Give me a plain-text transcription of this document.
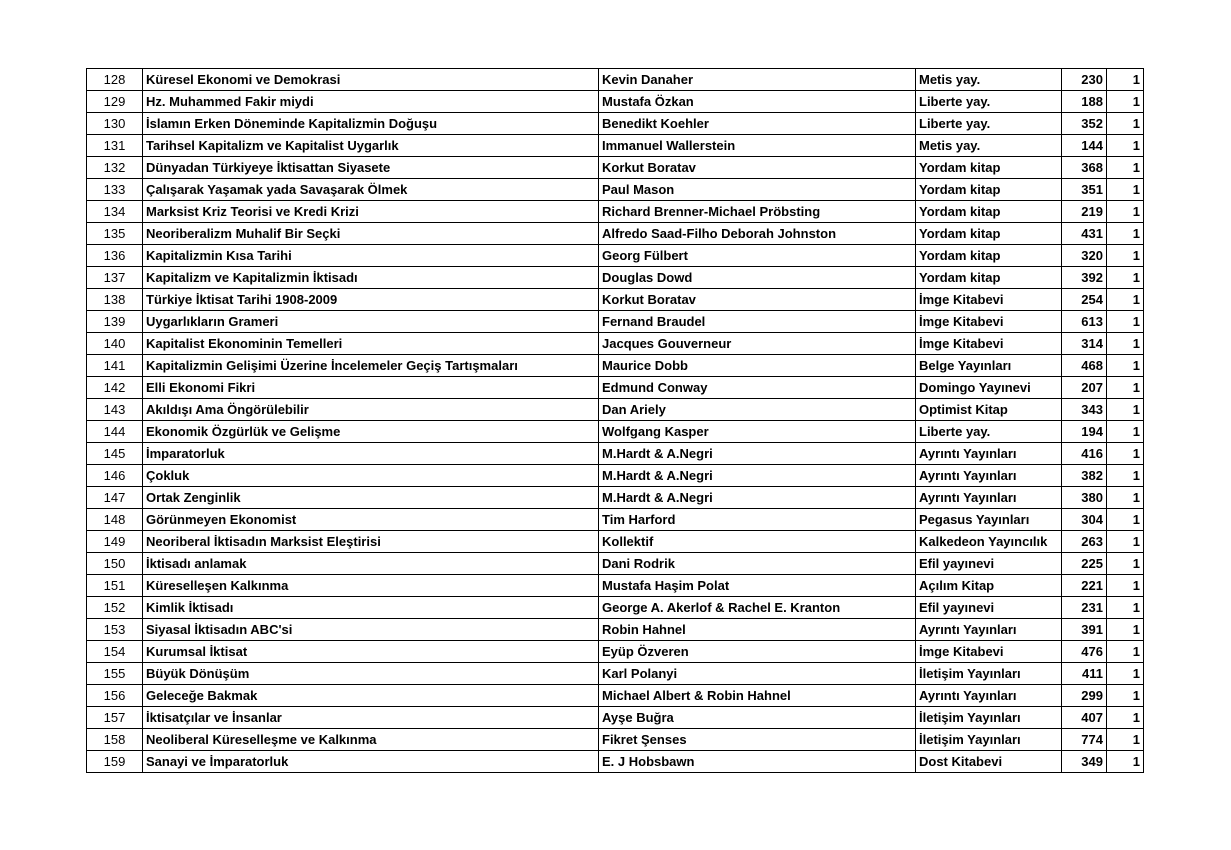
128	Küresel Ekonomi ve Demokrasi	Kevin Danaher	Metis yay.	230	1
129	Hz. Muhammed Fakir miydi	Mustafa Özkan	Liberte yay.	188	1
130	İslamın Erken Döneminde Kapitalizmin Doğuşu	Benedikt Koehler	Liberte yay.	352	1
131	Tarihsel Kapitalizm ve Kapitalist Uygarlık	Immanuel Wallerstein	Metis yay.	144	1
132	Dünyadan Türkiyeye İktisattan Siyasete	Korkut Boratav	Yordam kitap	368	1
133	Çalışarak Yaşamak yada Savaşarak Ölmek	Paul Mason	Yordam kitap	351	1
134	Marksist Kriz Teorisi ve Kredi Krizi	Richard Brenner-Michael Pröbsting	Yordam kitap	219	1
135	Neoriberalizm Muhalif Bir Seçki	Alfredo Saad-Filho Deborah Johnston	Yordam kitap	431	1
136	Kapitalizmin Kısa Tarihi	Georg Fülbert	Yordam kitap	320	1
137	Kapitalizm ve Kapitalizmin İktisadı	Douglas Dowd	Yordam kitap	392	1
138	Türkiye İktisat Tarihi 1908-2009	Korkut Boratav	İmge Kitabevi	254	1
139	Uygarlıkların Grameri	Fernand Braudel	İmge Kitabevi	613	1
140	Kapitalist Ekonominin Temelleri	Jacques Gouverneur	İmge Kitabevi	314	1
141	Kapitalizmin Gelişimi Üzerine İncelemeler Geçiş Tartışmaları	Maurice Dobb	Belge Yayınları	468	1
142	Elli Ekonomi Fikri	Edmund Conway	Domingo Yayınevi	207	1
143	Akıldışı Ama Öngörülebilir	Dan Ariely	Optimist Kitap	343	1
144	Ekonomik Özgürlük ve Gelişme	Wolfgang Kasper	Liberte yay.	194	1
145	İmparatorluk	M.Hardt & A.Negri	Ayrıntı Yayınları	416	1
146	Çokluk	M.Hardt & A.Negri	Ayrıntı Yayınları	382	1
147	Ortak Zenginlik	M.Hardt & A.Negri	Ayrıntı Yayınları	380	1
148	Görünmeyen Ekonomist	Tim Harford	Pegasus Yayınları	304	1
149	Neoriberal İktisadın Marksist Eleştirisi	Kollektif	Kalkedeon Yayıncılık	263	1
150	İktisadı anlamak	Dani Rodrik	Efil yayınevi	225	1
151	Küreselleşen Kalkınma	Mustafa Haşim Polat	Açılım Kitap	221	1
152	Kimlik İktisadı	George A. Akerlof & Rachel E. Kranton	Efil yayınevi	231	1
153	Siyasal İktisadın ABC'si	Robin Hahnel	Ayrıntı Yayınları	391	1
154	Kurumsal İktisat	Eyüp Özveren	İmge Kitabevi	476	1
155	Büyük Dönüşüm	Karl Polanyi	İletişim Yayınları	411	1
156	Geleceğe Bakmak	Michael Albert & Robin Hahnel	Ayrıntı Yayınları	299	1
157	İktisatçılar ve İnsanlar	Ayşe Buğra	İletişim Yayınları	407	1
158	Neoliberal Küreselleşme ve Kalkınma	Fikret Şenses	İletişim Yayınları	774	1
159	Sanayi ve İmparatorluk	E. J Hobsbawn	Dost Kitabevi	349	1
